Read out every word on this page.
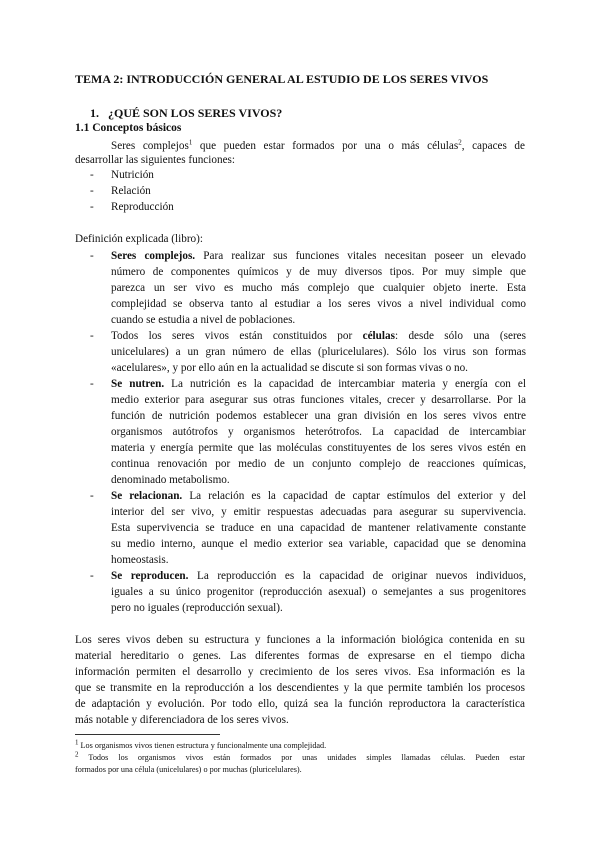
TEMA 2: INTRODUCCIÓN GENERAL AL ESTUDIO DE LOS SERES VIVOS
1.   ¿QUÉ SON LOS SERES VIVOS?
1.1 Conceptos básicos
Seres complejos$^1$ que pueden estar formados por una o más células$^2$, capaces de
desarrollar las siguientes funciones:
- Nutrición
- Relación
- Reproducción
Definición explicada (libro):
- Seres complejos. Para realizar sus funciones vitales necesitan poseer un elevado
número de componentes químicos y de muy diversos tipos. Por muy simple que
parezca un ser vivo es mucho más complejo que cualquier objeto inerte. Esta
complejidad se observa tanto al estudiar a los seres vivos a nivel individual como
cuando se estudia a nivel de poblaciones.
- Todos los seres vivos están constituidos por células: desde sólo una (seres
unicelulares) a un gran número de ellas (pluricelulares). Sólo los virus son formas
«acelulares», y por ello aún en la actualidad se discute si son formas vivas o no.
- Se nutren. La nutrición es la capacidad de intercambiar materia y energía con el
medio exterior para asegurar sus otras funciones vitales, crecer y desarrollarse. Por la
función de nutrición podemos establecer una gran división en los seres vivos entre
organismos autótrofos y organismos heterótrofos. La capacidad de intercambiar
materia y energía permite que las moléculas constituyentes de los seres vivos estén en
continua renovación por medio de un conjunto complejo de reacciones químicas,
denominado metabolismo.
- Se relacionan. La relación es la capacidad de captar estímulos del exterior y del
interior del ser vivo, y emitir respuestas adecuadas para asegurar su supervivencia.
Esta supervivencia se traduce en una capacidad de mantener relativamente constante
su medio interno, aunque el medio exterior sea variable, capacidad que se denomina
homeostasis.
- Se reproducen. La reproducción es la capacidad de originar nuevos individuos,
iguales a su único progenitor (reproducción asexual) o semejantes a sus progenitores
pero no iguales (reproducción sexual).
Los seres vivos deben su estructura y funciones a la información biológica contenida en su
material hereditario o genes. Las diferentes formas de expresarse en el tiempo dicha
información permiten el desarrollo y crecimiento de los seres vivos. Esa información es la
que se transmite en la reproducción a los descendientes y la que permite también los procesos
de adaptación y evolución. Por todo ello, quizá sea la función reproductora la característica
más notable y diferenciadora de los seres vivos.
$^1$ Los organismos vivos tienen estructura y funcionalmente una complejidad.
$^2$ Todos los organismos vivos están formados por unas unidades simples llamadas células. Pueden estar
formados por una célula (unicelulares) o por muchas (pluricelulares).
